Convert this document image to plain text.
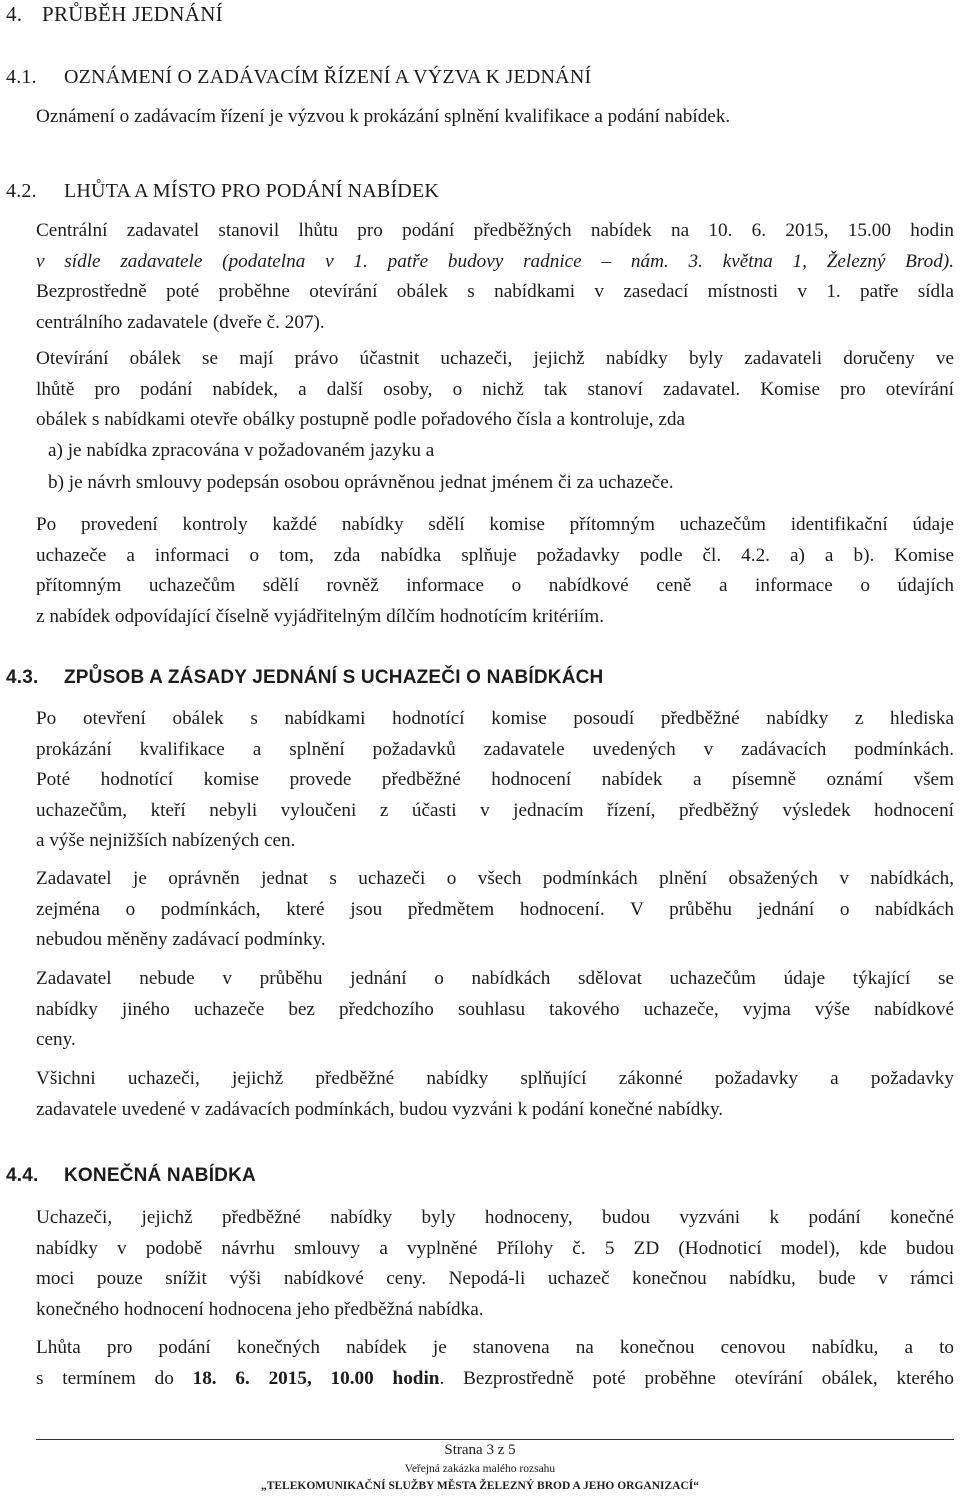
4. PRŮBĚH JEDNÁNÍ
4.1. OZNÁMENÍ O ZADÁVACÍM ŘÍZENÍ A VÝZVA K JEDNÁNÍ
Oznámení o zadávacím řízení je výzvou k prokázání splnění kvalifikace a podání nabídek.
4.2. LHŮTA A MÍSTO PRO PODÁNÍ NABÍDEK
Centrální zadavatel stanovil lhůtu pro podání předběžných nabídek na 10. 6. 2015, 15.00 hodin
v sídle zadavatele (podatelna v 1. patře budovy radnice – nám. 3. května 1, Železný Brod).
Bezprostředně poté proběhne otevírání obálek s nabídkami v zasedací místnosti v 1. patře sídla
centrálního zadavatele (dveře č. 207).
Otevírání obálek se mají právo účastnit uchazeči, jejichž nabídky byly zadavateli doručeny ve
lhůtě pro podání nabídek, a další osoby, o nichž tak stanoví zadavatel. Komise pro otevírání
obálek s nabídkami otevře obálky postupně podle pořadového čísla a kontroluje, zda
a) je nabídka zpracována v požadovaném jazyku a
b) je návrh smlouvy podepsán osobou oprávněnou jednat jménem či za uchazeče.
Po provedení kontroly každé nabídky sdělí komise přítomným uchazečům identifikační údaje
uchazeče a informaci o tom, zda nabídka splňuje požadavky podle čl. 4.2. a) a b). Komise
přítomným uchazečům sdělí rovněž informace o nabídkové ceně a informace o údajích
z nabídek odpovídající číselně vyjádřitelným dílčím hodnotícím kritériím.
4.3. ZPŮSOB A ZÁSADY JEDNÁNÍ S UCHAZEČI O NABÍDKÁCH
Po otevření obálek s nabídkami hodnotící komise posoudí předběžné nabídky z hlediska
prokázání kvalifikace a splnění požadavků zadavatele uvedených v zadávacích podmínkách.
Poté hodnotící komise provede předběžné hodnocení nabídek a písemně oznámí všem
uchazečům, kteří nebyli vyloučeni z účasti v jednacím řízení, předběžný výsledek hodnocení
a výše nejnižších nabízených cen.
Zadavatel je oprávněn jednat s uchazeči o všech podmínkách plnění obsažených v nabídkách,
zejména o podmínkách, které jsou předmětem hodnocení. V průběhu jednání o nabídkách
nebudou měněny zadávací podmínky.
Zadavatel nebude v průběhu jednání o nabídkách sdělovat uchazečům údaje týkající se
nabídky jiného uchazeče bez předchozího souhlasu takového uchazeče, vyjma výše nabídkové
ceny.
Všichni uchazeči, jejichž předběžné nabídky splňující zákonné požadavky a požadavky
zadavatele uvedené v zadávacích podmínkách, budou vyzváni k podání konečné nabídky.
4.4. KONEČNÁ NABÍDKA
Uchazeči, jejichž předběžné nabídky byly hodnoceny, budou vyzváni k podání konečné
nabídky v podobě návrhu smlouvy a vyplněné Přílohy č. 5 ZD (Hodnoticí model), kde budou
moci pouze snížit výši nabídkové ceny. Nepodá-li uchazeč konečnou nabídku, bude v rámci
konečného hodnocení hodnocena jeho předběžná nabídka.
Lhůta pro podání konečných nabídek je stanovena na konečnou cenovou nabídku, a to
s termínem do 18. 6. 2015, 10.00 hodin. Bezprostředně poté proběhne otevírání obálek, kterého
Strana 3 z 5
Veřejná zakázka malého rozsahu
„TELEKOMUNIKAČNÍ SLUŽBY MĚSTA ŽELEZNÝ BROD A JEHO ORGANIZACÍ“
